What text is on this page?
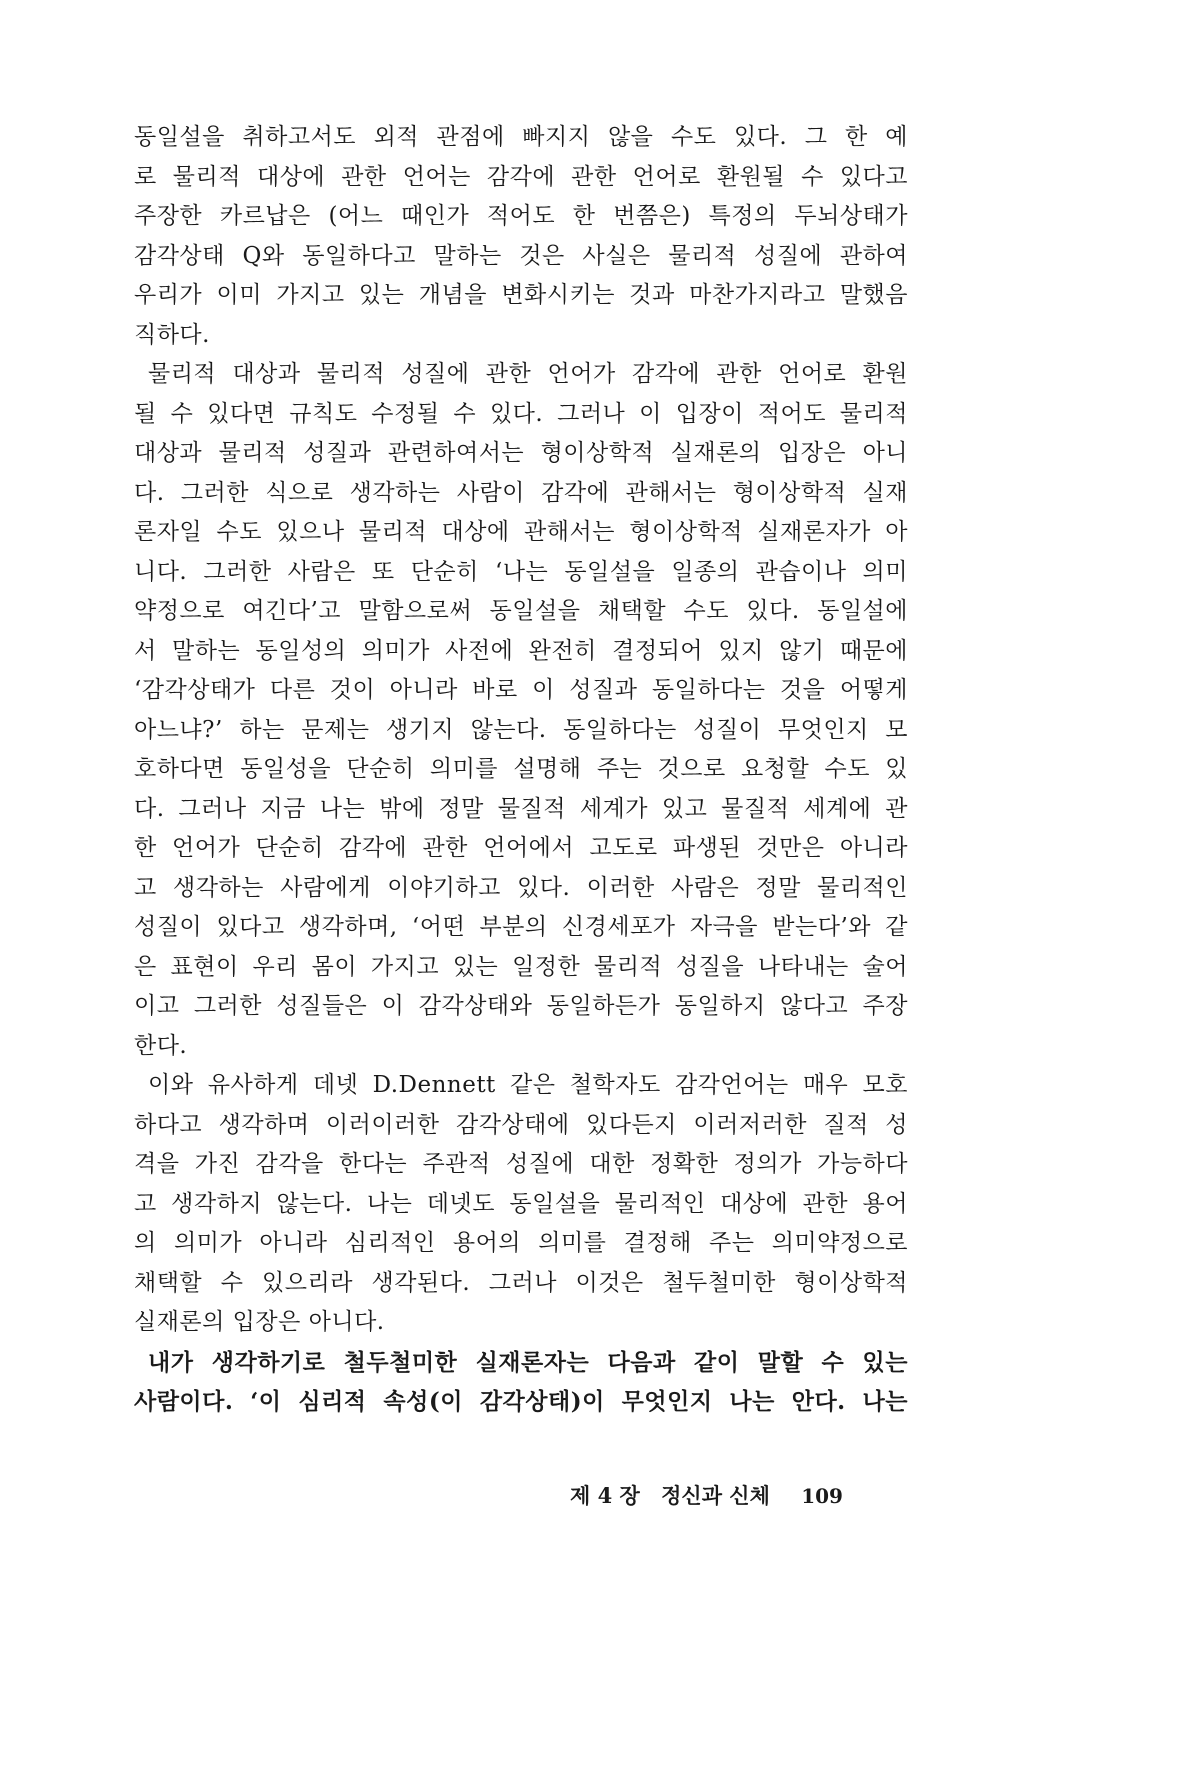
동일설을 취하고서도 외적 관점에 빠지지 않을 수도 있다. 그 한 예
로 물리적 대상에 관한 언어는 감각에 관한 언어로 환원될 수 있다고
주장한 카르납은 (어느 때인가 적어도 한 번쯤은) 특정의 두뇌상태가
감각상태 Q와 동일하다고 말하는 것은 사실은 물리적 성질에 관하여
우리가 이미 가지고 있는 개념을 변화시키는 것과 마찬가지라고 말했음
직하다.
물리적 대상과 물리적 성질에 관한 언어가 감각에 관한 언어로 환원
될 수 있다면 규칙도 수정될 수 있다. 그러나 이 입장이 적어도 물리적
대상과 물리적 성질과 관련하여서는 형이상학적 실재론의 입장은 아니
다. 그러한 식으로 생각하는 사람이 감각에 관해서는 형이상학적 실재
론자일 수도 있으나 물리적 대상에 관해서는 형이상학적 실재론자가 아
니다. 그러한 사람은 또 단순히 ‘나는 동일설을 일종의 관습이나 의미
약정으로 여긴다’고 말함으로써 동일설을 채택할 수도 있다. 동일설에
서 말하는 동일성의 의미가 사전에 완전히 결정되어 있지 않기 때문에
‘감각상태가 다른 것이 아니라 바로 이 성질과 동일하다는 것을 어떻게
아느냐?’ 하는 문제는 생기지 않는다. 동일하다는 성질이 무엇인지 모
호하다면 동일성을 단순히 의미를 설명해 주는 것으로 요청할 수도 있
다. 그러나 지금 나는 밖에 정말 물질적 세계가 있고 물질적 세계에 관
한 언어가 단순히 감각에 관한 언어에서 고도로 파생된 것만은 아니라
고 생각하는 사람에게 이야기하고 있다. 이러한 사람은 정말 물리적인
성질이 있다고 생각하며, ‘어떤 부분의 신경세포가 자극을 받는다’와 같
은 표현이 우리 몸이 가지고 있는 일정한 물리적 성질을 나타내는 술어
이고 그러한 성질들은 이 감각상태와 동일하든가 동일하지 않다고 주장
한다.
이와 유사하게 데넷 D.Dennett 같은 철학자도 감각언어는 매우 모호
하다고 생각하며 이러이러한 감각상태에 있다든지 이러저러한 질적 성
격을 가진 감각을 한다는 주관적 성질에 대한 정확한 정의가 가능하다
고 생각하지 않는다. 나는 데넷도 동일설을 물리적인 대상에 관한 용어
의 의미가 아니라 심리적인 용어의 의미를 결정해 주는 의미약정으로
채택할 수 있으리라 생각된다. 그러나 이것은 철두철미한 형이상학적
실재론의 입장은 아니다.
내가 생각하기로 철두철미한 실재론자는 다음과 같이 말할 수 있는
사람이다. ‘이 심리적 속성(이 감각상태)이 무엇인지 나는 안다. 나는
제 4 장 정신과 신체 109
